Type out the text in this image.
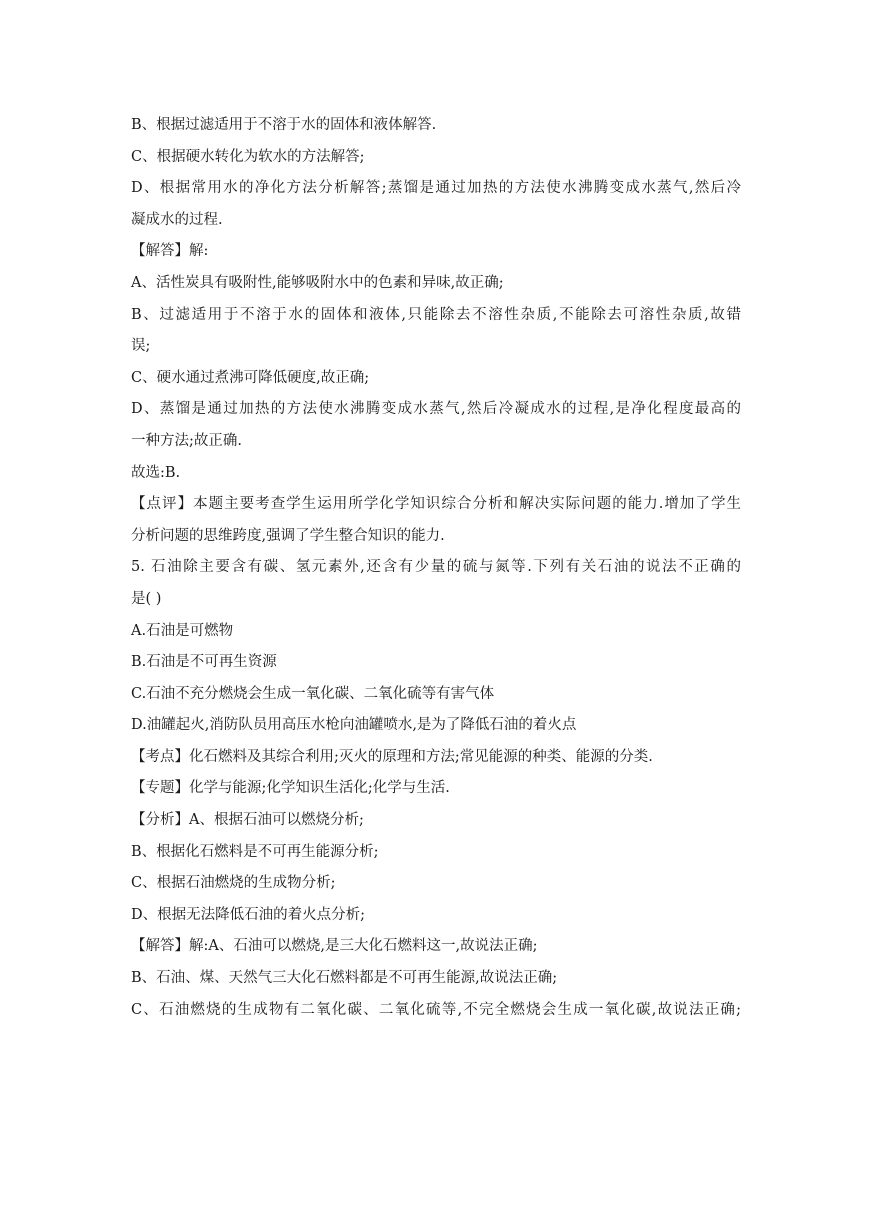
B、根据过滤适用于不溶于水的固体和液体解答.
C、根据硬水转化为软水的方法解答;
D、根据常用水的净化方法分析解答;蒸馏是通过加热的方法使水沸腾变成水蒸气,然后冷
凝成水的过程.
【解答】解:
A、活性炭具有吸附性,能够吸附水中的色素和异味,故正确;
B、过滤适用于不溶于水的固体和液体,只能除去不溶性杂质,不能除去可溶性杂质,故错
误;
C、硬水通过煮沸可降低硬度,故正确;
D、蒸馏是通过加热的方法使水沸腾变成水蒸气,然后冷凝成水的过程,是净化程度最高的
一种方法;故正确.
故选:B.
【点评】本题主要考查学生运用所学化学知识综合分析和解决实际问题的能力.增加了学生
分析问题的思维跨度,强调了学生整合知识的能力.
5. 石油除主要含有碳、氢元素外,还含有少量的硫与氮等.下列有关石油的说法不正确的
是( )
A.石油是可燃物
B.石油是不可再生资源
C.石油不充分燃烧会生成一氧化碳、二氧化硫等有害气体
D.油罐起火,消防队员用高压水枪向油罐喷水,是为了降低石油的着火点
【考点】化石燃料及其综合利用;灭火的原理和方法;常见能源的种类、能源的分类.
【专题】化学与能源;化学知识生活化;化学与生活.
【分析】A、根据石油可以燃烧分析;
B、根据化石燃料是不可再生能源分析;
C、根据石油燃烧的生成物分析;
D、根据无法降低石油的着火点分析;
【解答】解:A、石油可以燃烧,是三大化石燃料这一,故说法正确;
B、石油、煤、天然气三大化石燃料都是不可再生能源,故说法正确;
C、石油燃烧的生成物有二氧化碳、二氧化硫等,不完全燃烧会生成一氧化碳,故说法正确;
